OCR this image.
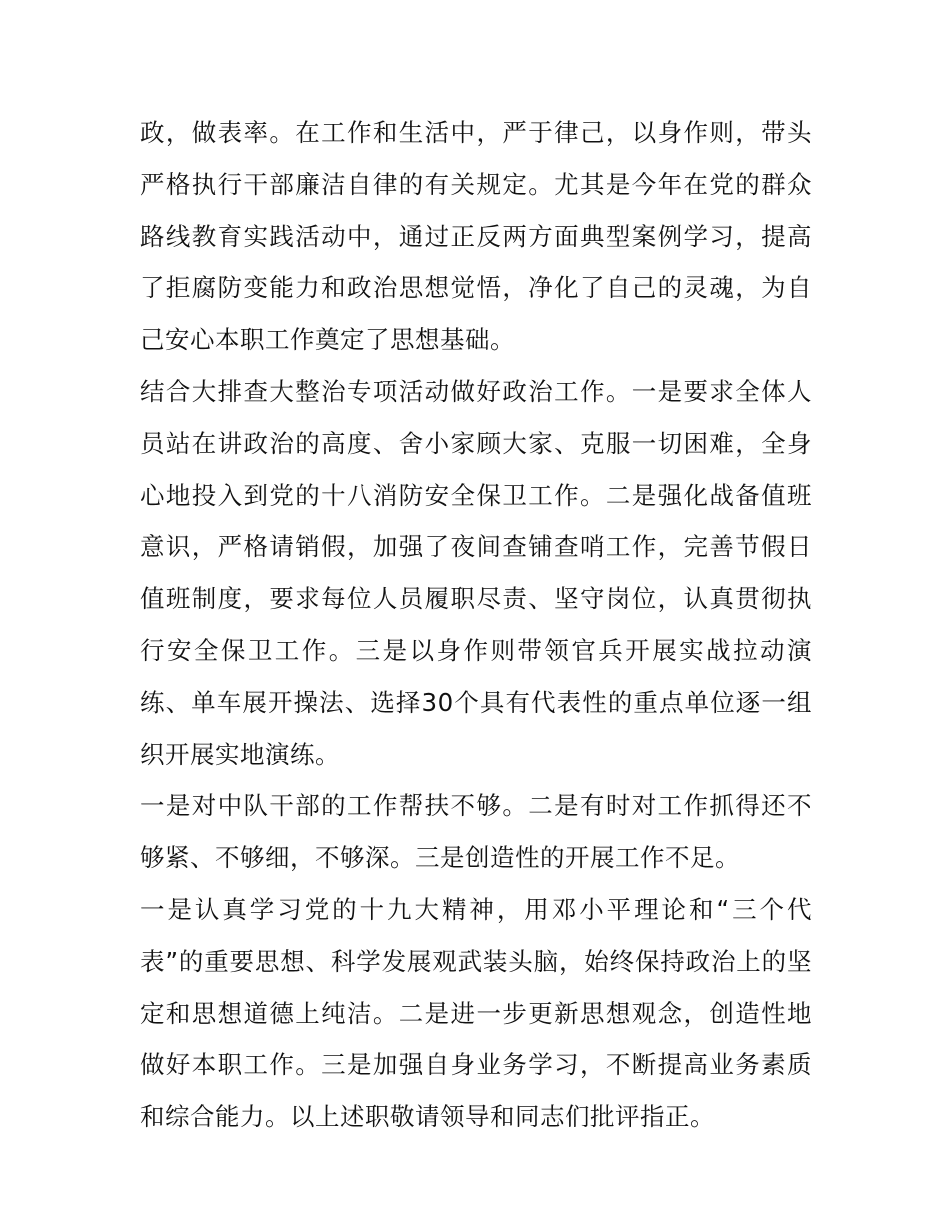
政，做表率。在工作和生活中，严于律己，以身作则，带头严格执行干部廉洁自律的有关规定。尤其是今年在党的群众路线教育实践活动中，通过正反两方面典型案例学习，提高了拒腐防变能力和政治思想觉悟，净化了自己的灵魂，为自己安心本职工作奠定了思想基础。

结合大排查大整治专项活动做好政治工作。一是要求全体人员站在讲政治的高度、舍小家顾大家、克服一切困难，全身心地投入到党的十八消防安全保卫工作。二是强化战备值班意识，严格请销假，加强了夜间查铺查哨工作，完善节假日值班制度，要求每位人员履职尽责、坚守岗位，认真贯彻执行安全保卫工作。三是以身作则带领官兵开展实战拉动演练、单车展开操法、选择30个具有代表性的重点单位逐一组织开展实地演练。

一是对中队干部的工作帮扶不够。二是有时对工作抓得还不够紧、不够细，不够深。三是创造性的开展工作不足。

一是认真学习党的十九大精神，用邓小平理论和“三个代表”的重要思想、科学发展观武装头脑，始终保持政治上的坚定和思想道德上纯洁。二是进一步更新思想观念，创造性地做好本职工作。三是加强自身业务学习，不断提高业务素质和综合能力。以上述职敬请领导和同志们批评指正。
